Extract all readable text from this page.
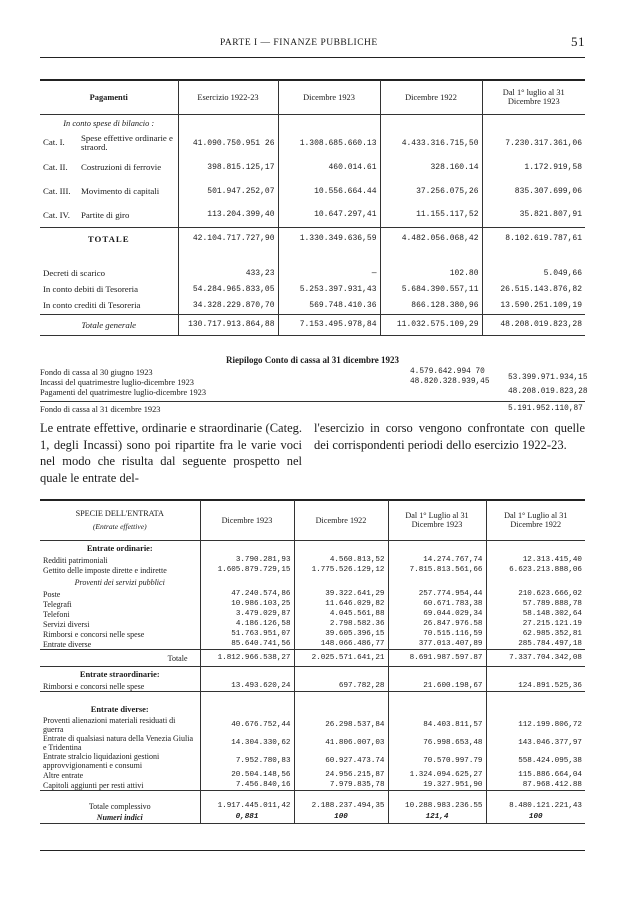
PARTE I — FINANZE PUBBLICHE	51
Pagamenti	Esercizio 1922-23	Dicembre 1923	Dicembre 1922	Dal 1° luglio al 31 Dicembre 1923
In conto spese di bilancio :				
Cat. I. Spese effettive ordinarie e straord.	41.090.750.951 26	1.308.685.660.13	4.433.316.715,50	7.230.317.361,06
Cat. II. Costruzioni di ferrovie	398.815.125,17	460.014.61	328.160.14	1.172.919,58
Cat. III. Movimento di capitali	501.947.252,07	10.556.664.44	37.256.075,26	835.307.699,06
Cat. IV. Partite di giro	113.204.399,40	10.647.297,41	11.155.117,52	35.821.807,91
TOTALE	42.104.717.727,90	1.330.349.636,59	4.482.056.068,42	8.102.619.787,61

Decreti di scarico	433,23	—	102.80	5.049,66
In conto debiti di Tesoreria	54.284.965.833,05	5.253.397.931,43	5.684.390.557,11	26.515.143.876,82
In conto crediti di Tesoreria	34.328.229.870,70	569.748.410.36	866.128.380,96	13.590.251.109,19
Totale generale	130.717.913.864,88	7.153.495.978,84	11.032.575.109,29	48.208.019.823,28
Riepilogo Conto di cassa al 31 dicembre 1923
Fondo di cassa al 30 giugno 1923	4.579.642.994 70
Incassi del quatrimestre luglio-dicembre 1923	48.820.328.939,45 53.399.971.934,15
Pagamenti del quatrimestre luglio-dicembre 1923	48.208.019.823,28
Fondo di cassa al 31 dicembre 1923	5.191.952.110,87
Le entrate effettive, ordinarie e straordinarie (Categ. 1, degli Incassi) sono poi ripartite fra le varie voci nel modo che risulta dal seguente prospetto nel quale le entrate del-
l'esercizio in corso vengono confrontate con quelle dei corrispondenti periodi dello esercizio 1922-23.
SPECIE DELL'ENTRATA
(Entrate effettive)	Dicembre 1923	Dicembre 1922	Dal 1° Luglio al 31 Dicembre 1923	Dal 1° Luglio al 31 Dicembre 1922
Entrate ordinarie:				
Redditi patrimoniali	3.790.281,93	4.560.813,52	14.274.767,74	12.313.415,40
Gettito delle imposte dirette e indirette	1.605.879.729,15	1.775.526.129,12	7.815.813.561,66	6.623.213.888,06
Proventi dei servizi pubblici				
Poste	47.240.574,86	39.322.641,29	257.774.954,44	210.623.666,02
Telegrafi	10.986.103,25	11.646.029,82	60.671.783,38	57.789.888,78
Telefoni	3.479.029,87	4.045.561,88	69.044.029,34	58.148.302,64
Servizi diversi	4.186.126,58	2.798.582.36	26.847.976.58	27.215.121.19
Rimborsi e concorsi nelle spese	51.763.951,07	39.605.396,15	70.515.116,59	62.985.352,81
Entrate diverse	85.640.741,56	148.066.486,77	377.013.407,89	285.784.497,18
Totale	1.812.966.538,27	2.025.571.641,21	8.691.987.597.87	7.337.704.342,08
Entrate straordinarie:				
Rimborsi e concorsi nelle spese	13.493.620,24	697.782,28	21.600.198,67	124.891.525,36

Entrate diverse:				
Proventi alienazioni materiali residuati di guerra	40.676.752,44	26.298.537,84	84.403.811,57	112.199.806,72
Entrate di qualsiasi natura della Venezia Giulia e Tridentina	14.304.330,62	41.806.007,03	76.998.653,48	143.046.377,97
Entrate stralcio liquidazioni gestioni approvvigionamenti e consumi	7.952.780,83	60.927.473.74	70.570.997.79	558.424.095,38
Altre entrate	20.504.148,56	24.956.215,87	1.324.094.625,27	115.886.664,04
Capitoli aggiunti per resti attivi	7.456.840,16	7.979.835,78	19.327.951,90	87.968.412.88

Totale complessivo	1.917.445.011,42	2.188.237.494,35	10.288.983.236.55	8.480.121.221,43
Numeri indici	0,881	100	121,4	100
